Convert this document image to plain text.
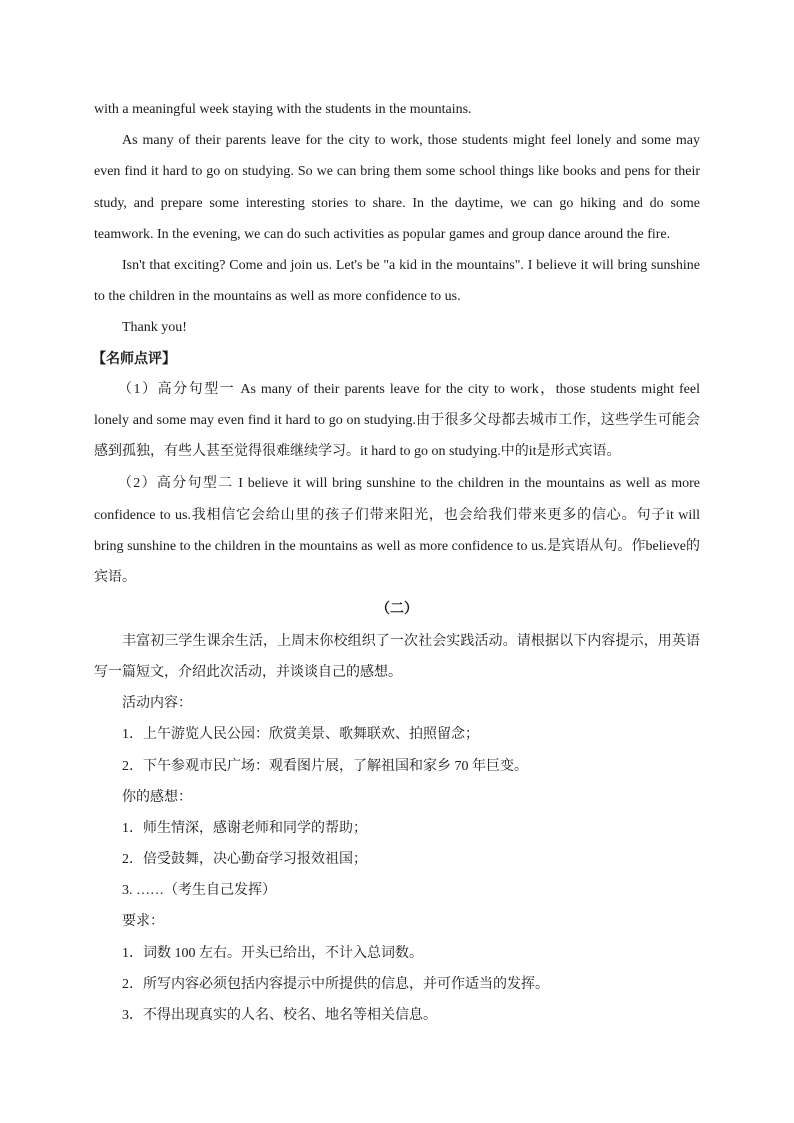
with a meaningful week staying with the students in the mountains.
As many of their parents leave for the city to work, those students might feel lonely and some may
even find it hard to go on studying. So we can bring them some school things like books and pens for their
study, and prepare some interesting stories to share. In the daytime, we can go hiking and do some
teamwork. In the evening, we can do such activities as popular games and group dance around the fire.
Isn't that exciting? Come and join us. Let's be "a kid in the mountains". I believe it will bring sunshine
to the children in the mountains as well as more confidence to us.
Thank you!
【名师点评】
（1）高分句型一 As many of their parents leave for the city to work，those students might feel
lonely and some may even find it hard to go on studying.由于很多父母都去城市工作，这些学生可能会
感到孤独，有些人甚至觉得很难继续学习。it hard to go on studying.中的it是形式宾语。
（2）高分句型二 I believe it will bring sunshine to the children in the mountains as well as more
confidence to us.我相信它会给山里的孩子们带来阳光，也会给我们带来更多的信心。句子it will
bring sunshine to the children in the mountains as well as more confidence to us.是宾语从句。作believe的
宾语。
（二）
丰富初三学生课余生活，上周末你校组织了一次社会实践活动。请根据以下内容提示，用英语
写一篇短文，介绍此次活动，并谈谈自己的感想。
活动内容：
1．上午游览人民公园：欣赏美景、歌舞联欢、拍照留念；
2．下午参观市民广场：观看图片展，了解祖国和家乡 70 年巨变。
你的感想：
1．师生情深，感谢老师和同学的帮助；
2．倍受鼓舞，决心勤奋学习报效祖国；
3. ……（考生自己发挥）
要求：
1．词数 100 左右。开头已给出，不计入总词数。
2．所写内容必须包括内容提示中所提供的信息，并可作适当的发挥。
3．不得出现真实的人名、校名、地名等相关信息。
